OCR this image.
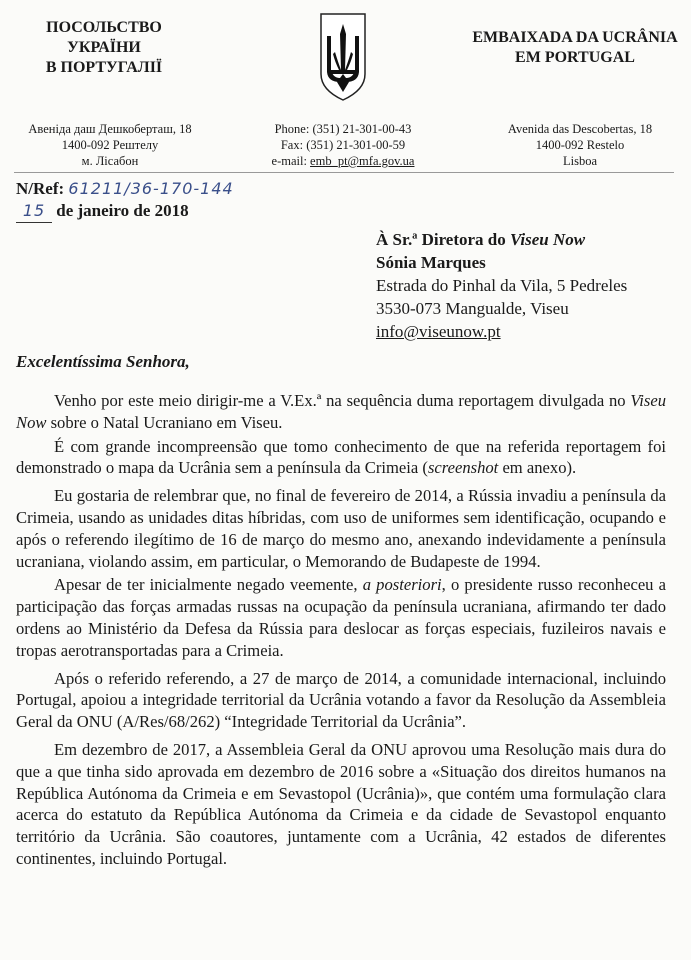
ПОСОЛЬСТВО УКРАЇНИ
В ПОРТУГАЛІЇ
EMBAIXADA DA UCRÂNIA
EM PORTUGAL
Авеніда даш Дешкоберташ, 18
1400-092 Рештелу
м. Лісабон
Phone: (351) 21-301-00-43
Fax: (351) 21-301-00-59
e-mail: emb_pt@mfa.gov.ua
Avenida das Descobertas, 18
1400-092 Restelo
Lisboa
N/Ref: 61211/36-170-144
15 de janeiro de 2018
À Sr.ª Diretora do Viseu Now
Sónia Marques
Estrada do Pinhal da Vila, 5 Pedreles
3530-073 Mangualde, Viseu
info@viseunow.pt
Excelentíssima Senhora,

Venho por este meio dirigir-me a V.Ex.ª na sequência duma reportagem divulgada no Viseu Now sobre o Natal Ucraniano em Viseu.

É com grande incompreensão que tomo conhecimento de que na referida reportagem foi demonstrado o mapa da Ucrânia sem a península da Crimeia (screenshot em anexo).

Eu gostaria de relembrar que, no final de fevereiro de 2014, a Rússia invadiu a península da Crimeia, usando as unidades ditas híbridas, com uso de uniformes sem identificação, ocupando e após o referendo ilegítimo de 16 de março do mesmo ano, anexando indevidamente a península ucraniana, violando assim, em particular, o Memorando de Budapeste de 1994.

Apesar de ter inicialmente negado veemente, a posteriori, o presidente russo reconheceu a participação das forças armadas russas na ocupação da península ucraniana, afirmando ter dado ordens ao Ministério da Defesa da Rússia para deslocar as forças especiais, fuzileiros navais e tropas aerotransportadas para a Crimeia.

Após o referido referendo, a 27 de março de 2014, a comunidade internacional, incluindo Portugal, apoiou a integridade territorial da Ucrânia votando a favor da Resolução da Assembleia Geral da ONU (A/Res/68/262) “Integridade Territorial da Ucrânia”.

Em dezembro de 2017, a Assembleia Geral da ONU aprovou uma Resolução mais dura do que a que tinha sido aprovada em dezembro de 2016 sobre a «Situação dos direitos humanos na República Autónoma da Crimeia e em Sevastopol (Ucrânia)», que contém uma formulação clara acerca do estatuto da República Autónoma da Crimeia e da cidade de Sevastopol enquanto território da Ucrânia. São coautores, juntamente com a Ucrânia, 42 estados de diferentes continentes, incluindo Portugal.
